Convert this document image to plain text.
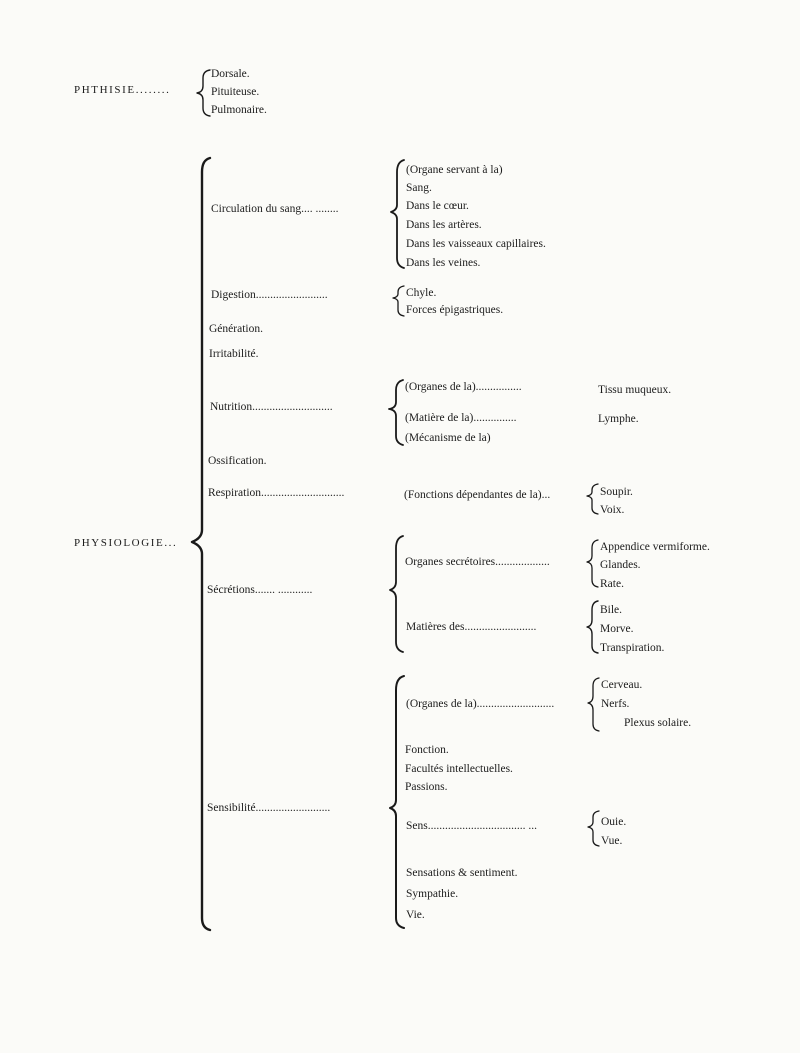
PHTHISIE........
Dorsale.
Pituiteuse.
Pulmonaire.
PHYSIOLOGIE...
Circulation du sang.... ........
(Organe servant à la)
Sang.
Dans le cœur.
Dans les artères.
Dans les vaisseaux capillaires.
Dans les veines.
Digestion.........................	Chyle.
Forces épigastriques.
Génération.
Irritabilité.
Nutrition............................
(Organes de la)................	Tissu muqueux.
(Matière de la)...............	Lymphe.
(Mécanisme de la)
Ossification.
Respiration.............................	(Fonctions dépendantes de la)...	Soupir.
Voix.
Sécrétions....... ............
Organes secrétoires...................
Appendice vermiforme.
Glandes.
Rate.
Matières des.........................
Bile.
Morve.
Transpiration.
Sensibilité..........................
(Organes de la)...........................
Cerveau.
Nerfs.
Plexus solaire.
Fonction.
Facultés intellectuelles.
Passions.
Sens.................................. ...	Ouie.
Vue.
Sensations & sentiment.
Sympathie.
Vie.
